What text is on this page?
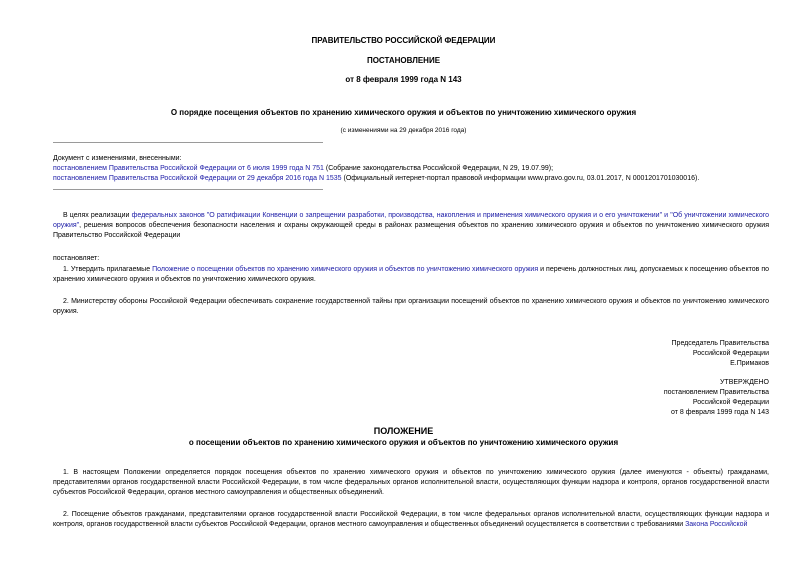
ПРАВИТЕЛЬСТВО РОССИЙСКОЙ ФЕДЕРАЦИИ
ПОСТАНОВЛЕНИЕ
от 8 февраля 1999 года N 143
О порядке посещения объектов по хранению химического оружия и объектов по уничтожению химического оружия
(с изменениями на 29 декабря 2016 года)
Документ с изменениями, внесенными:
постановлением Правительства Российской Федерации от 6 июля 1999 года N 751 (Собрание законодательства Российской Федерации, N 29, 19.07.99);
постановлением Правительства Российской Федерации от 29 декабря 2016 года N 1535 (Официальный интернет-портал правовой информации www.pravo.gov.ru, 03.01.2017, N 0001201701030016).

В целях реализации федеральных законов "О ратификации Конвенции о запрещении разработки, производства, накопления и применения химического оружия и о его уничтожении" и "Об уничтожении химического оружия", решения вопросов обеспечения безопасности населения и охраны окружающей среды в районах размещения объектов по хранению химического оружия и объектов по уничтожению химического оружия Правительство Российской Федерации

постановляет:

1. Утвердить прилагаемые Положение о посещении объектов по хранению химического оружия и объектов по уничтожению химического оружия и перечень должностных лиц, допускаемых к посещению объектов по хранению химического оружия и объектов по уничтожению химического оружия.

2. Министерству обороны Российской Федерации обеспечивать сохранение государственной тайны при организации посещений объектов по хранению химического оружия и объектов по уничтожению химического оружия.

Председатель Правительства
Российской Федерации
Е.Примаков
УТВЕРЖДЕНО
постановлением Правительства
Российской Федерации
от 8 февраля 1999 года N 143
ПОЛОЖЕНИЕ
о посещении объектов по хранению химического оружия и объектов по уничтожению химического оружия

1. В настоящем Положении определяется порядок посещения объектов по хранению химического оружия и объектов по уничтожению химического оружия (далее именуются - объекты) гражданами, представителями органов государственной власти Российской Федерации, в том числе федеральных органов исполнительной власти, осуществляющих функции надзора и контроля, органов государственной власти субъектов Российской Федерации, органов местного самоуправления и общественных объединений.

2. Посещение объектов гражданами, представителями органов государственной власти Российской Федерации, в том числе федеральных органов исполнительной власти, осуществляющих функции надзора и контроля, органов государственной власти субъектов Российской Федерации, органов местного самоуправления и общественных объединений осуществляется в соответствии с требованиями Закона Российской
